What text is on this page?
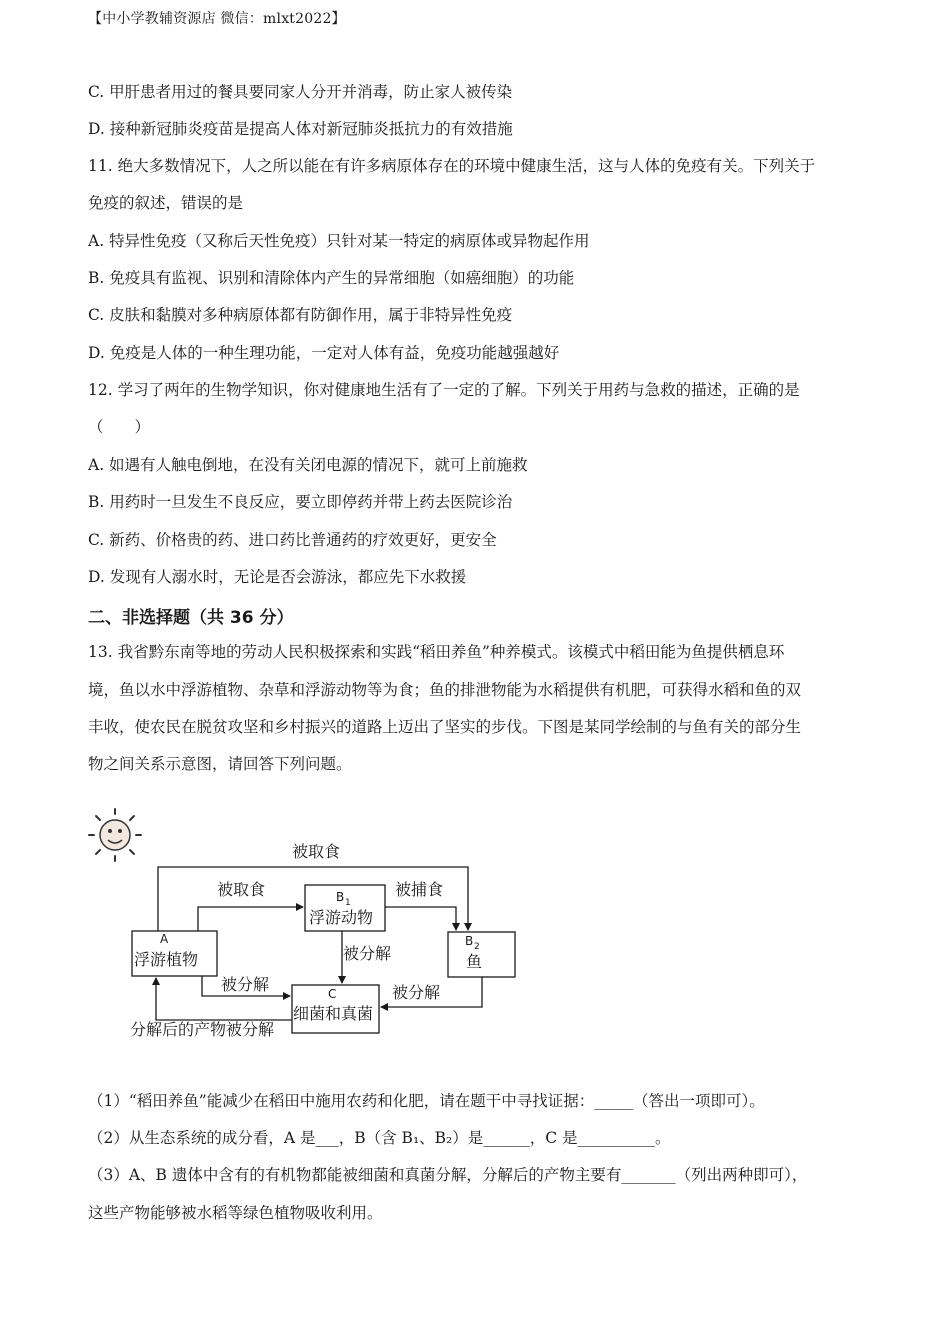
【中小学教辅资源店 微信：mlxt2022】
C. 甲肝患者用过的餐具要同家人分开并消毒，防止家人被传染
D. 接种新冠肺炎疫苗是提高人体对新冠肺炎抵抗力的有效措施
11. 绝大多数情况下，人之所以能在有许多病原体存在的环境中健康生活，这与人体的免疫有关。下列关于
免疫的叙述，错误的是
A. 特异性免疫（又称后天性免疫）只针对某一特定的病原体或异物起作用
B. 免疫具有监视、识别和清除体内产生的异常细胞（如癌细胞）的功能
C. 皮肤和黏膜对多种病原体都有防御作用，属于非特异性免疫
D. 免疫是人体的一种生理功能，一定对人体有益，免疫功能越强越好
12. 学习了两年的生物学知识，你对健康地生活有了一定的了解。下列关于用药与急救的描述，正确的是
（　　）
A. 如遇有人触电倒地，在没有关闭电源的情况下，就可上前施救
B. 用药时一旦发生不良反应，要立即停药并带上药去医院诊治
C. 新药、价格贵的药、进口药比普通药的疗效更好，更安全
D. 发现有人溺水时，无论是否会游泳，都应先下水救援
二、非选择题（共 36 分）
13. 我省黔东南等地的劳动人民积极探索和实践“稻田养鱼”种养模式。该模式中稻田能为鱼提供栖息环
境，鱼以水中浮游植物、杂草和浮游动物等为食；鱼的排泄物能为水稻提供有机肥，可获得水稻和鱼的双
丰收，使农民在脱贫攻坚和乡村振兴的道路上迈出了坚实的步伐。下图是某同学绘制的与鱼有关的部分生
物之间关系示意图，请回答下列问题。
A
浮游植物
B 1
浮游动物
B 2
鱼
C
细菌和真菌
被取食
被取食	被捕食
被分解
被分解	被分解
分解后的产物被分解
（1）“稻田养鱼”能减少在稻田中施用农药和化肥，请在题干中寻找证据：_____（答出一项即可）。
（2）从生态系统的成分看，A 是___，B（含 B₁、B₂）是______，C 是__________。
（3）A、B 遗体中含有的有机物都能被细菌和真菌分解，分解后的产物主要有_______（列出两种即可），
这些产物能够被水稻等绿色植物吸收利用。
